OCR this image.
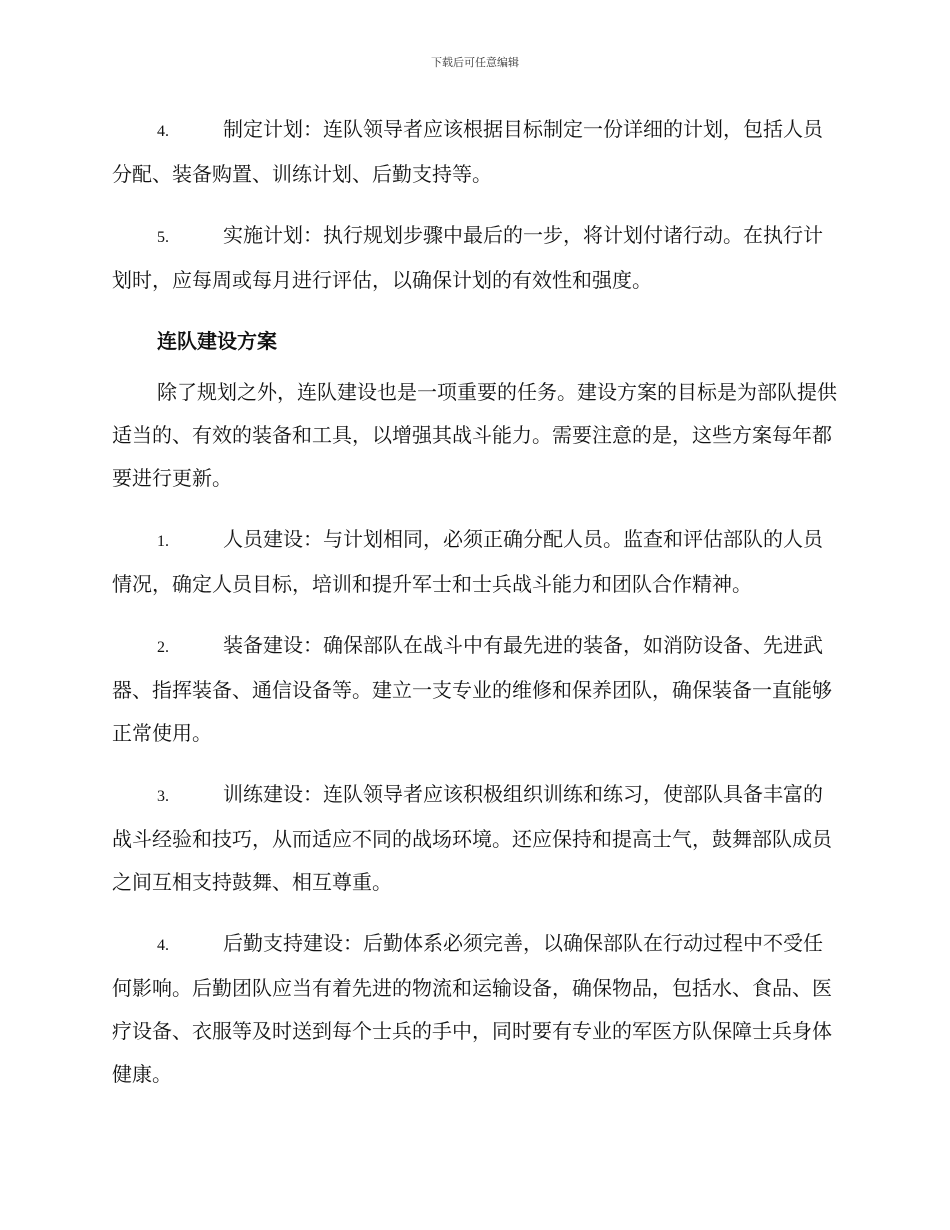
下载后可任意编辑

4.	制定计划：连队领导者应该根据目标制定一份详细的计划，包括人员分配、装备购置、训练计划、后勤支持等。

5.	实施计划：执行规划步骤中最后的一步，将计划付诸行动。在执行计划时，应每周或每月进行评估，以确保计划的有效性和强度。

连队建设方案

除了规划之外，连队建设也是一项重要的任务。建设方案的目标是为部队提供适当的、有效的装备和工具，以增强其战斗能力。需要注意的是，这些方案每年都要进行更新。

1.	人员建设：与计划相同，必须正确分配人员。监查和评估部队的人员情况，确定人员目标，培训和提升军士和士兵战斗能力和团队合作精神。

2.	装备建设：确保部队在战斗中有最先进的装备，如消防设备、先进武器、指挥装备、通信设备等。建立一支专业的维修和保养团队，确保装备一直能够正常使用。

3.	训练建设：连队领导者应该积极组织训练和练习，使部队具备丰富的战斗经验和技巧，从而适应不同的战场环境。还应保持和提高士气，鼓舞部队成员之间互相支持鼓舞、相互尊重。

4.	后勤支持建设：后勤体系必须完善，以确保部队在行动过程中不受任何影响。后勤团队应当有着先进的物流和运输设备，确保物品，包括水、食品、医疗设备、衣服等及时送到每个士兵的手中，同时要有专业的军医方队保障士兵身体健康。
